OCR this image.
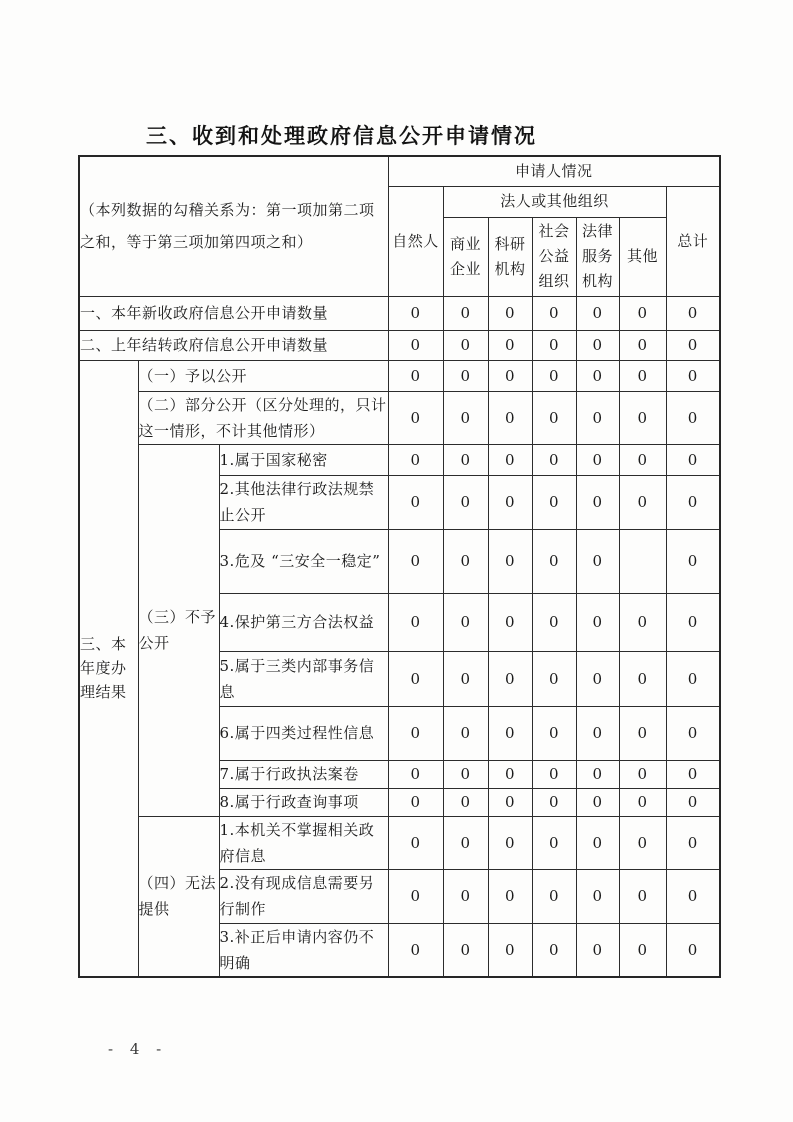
三、收到和处理政府信息公开申请情况
（本列数据的勾稽关系为：第一项加第二项之和，等于第三项加第四项之和）			申请人情况						
			自然人	法人或其他组织					总计
				商业企业	科研机构	社会公益组织	法律服务机构	其他	
一、本年新收政府信息公开申请数量			0	0	0	0	0	0	0
二、上年结转政府信息公开申请数量			0	0	0	0	0	0	0
三、本年度办理结果	（一）予以公开		0	0	0	0	0	0	0
	（二）部分公开（区分处理的，只计这一情形，不计其他情形）		0	0	0	0	0	0	0
	（三）不予公开	1.属于国家秘密	0	0	0	0	0	0	0
		2.其他法律行政法规禁止公开	0	0	0	0	0	0	0
		3.危及 “三安全一稳定”	0	0	0	0	0		0
		4.保护第三方合法权益	0	0	0	0	0	0	0
		5.属于三类内部事务信息	0	0	0	0	0	0	0
		6.属于四类过程性信息	0	0	0	0	0	0	0
		7.属于行政执法案卷	0	0	0	0	0	0	0
		8.属于行政查询事项	0	0	0	0	0	0	0
	（四）无法提供	1.本机关不掌握相关政府信息	0	0	0	0	0	0	0
		2.没有现成信息需要另行制作	0	0	0	0	0	0	0
		3.补正后申请内容仍不明确	0	0	0	0	0	0	0
- 4 -
